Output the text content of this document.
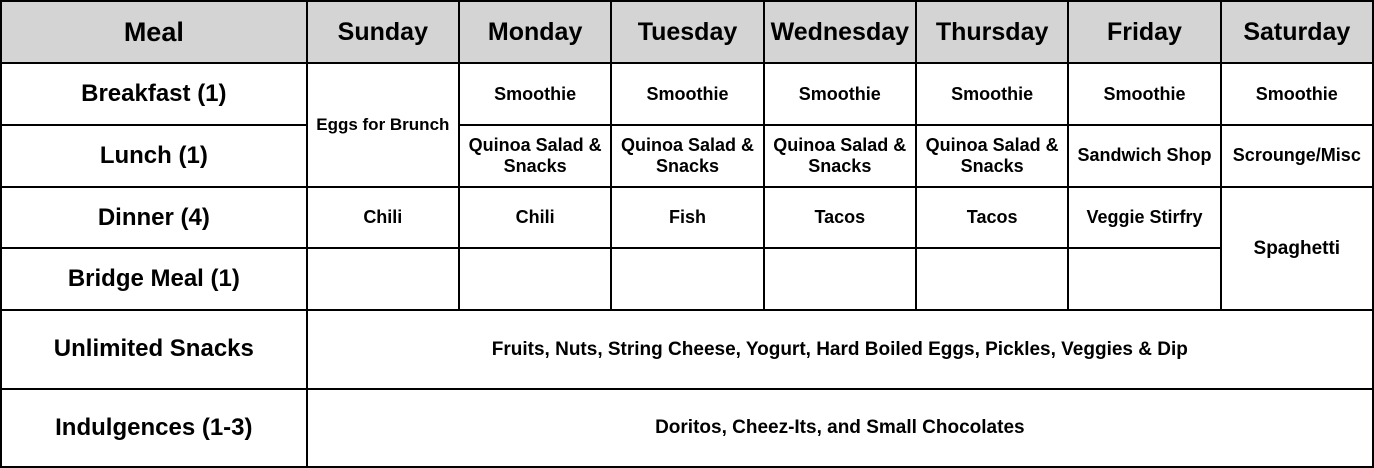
Meal	Sunday	Monday	Tuesday	Wednesday	Thursday	Friday	Saturday
Breakfast (1)	Eggs for Brunch	Smoothie	Smoothie	Smoothie	Smoothie	Smoothie	Smoothie
Lunch (1)		Quinoa Salad & Snacks	Quinoa Salad & Snacks	Quinoa Salad & Snacks	Quinoa Salad & Snacks	Sandwich Shop	Scrounge/Misc
Dinner (4)	Chili	Chili	Fish	Tacos	Tacos	Veggie Stirfry	Spaghetti
Bridge Meal (1)							
Unlimited Snacks	Fruits, Nuts, String Cheese, Yogurt, Hard Boiled Eggs, Pickles, Veggies & Dip						
Indulgences (1-3)	Doritos, Cheez-Its, and Small Chocolates						
